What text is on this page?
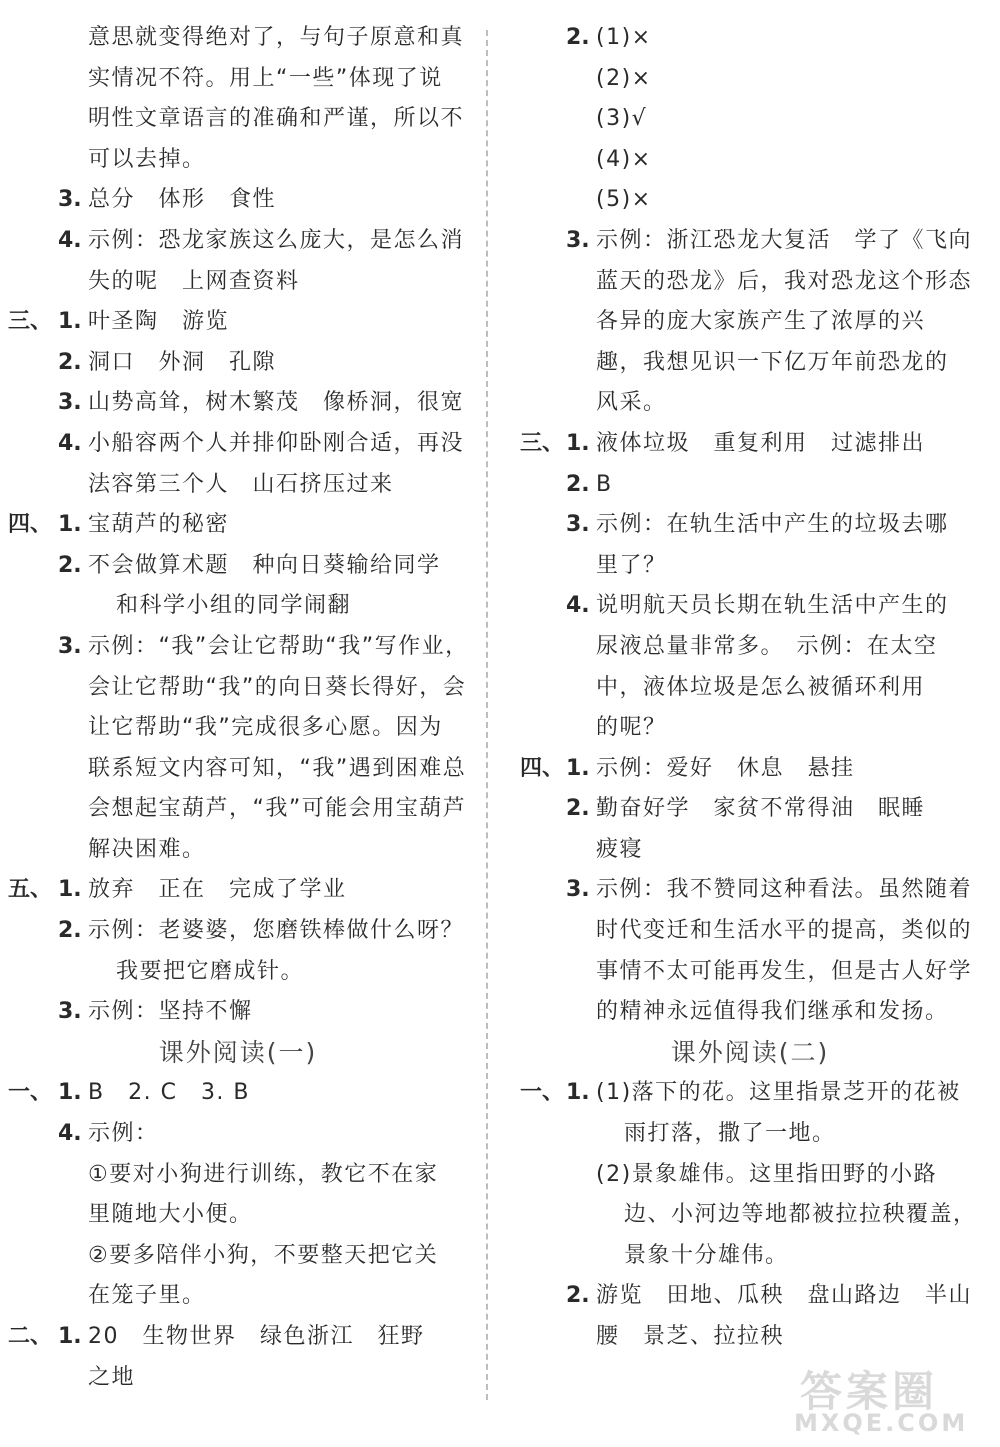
意思就变得绝对了，与句子原意和真
实情况不符。用上“一些”体现了说
明性文章语言的准确和严谨，所以不
可以去掉。
3. 总分　体形　食性
4. 示例：恐龙家族这么庞大，是怎么消
失的呢　上网查资料
三、 1. 叶圣陶　游览
2. 洞口　外洞　孔隙
3. 山势高耸，树木繁茂　像桥洞，很宽
4. 小船容两个人并排仰卧刚合适，再没
法容第三个人　山石挤压过来
四、 1. 宝葫芦的秘密
2. 不会做算术题　种向日葵输给同学
和科学小组的同学闹翻
3. 示例：“我”会让它帮助“我”写作业，
会让它帮助“我”的向日葵长得好，会
让它帮助“我”完成很多心愿。因为
联系短文内容可知，“我”遇到困难总
会想起宝葫芦，“我”可能会用宝葫芦
解决困难。
五、 1. 放弃　正在　完成了学业
2. 示例：老婆婆，您磨铁棒做什么呀？
我要把它磨成针。
3. 示例：坚持不懈
课外阅读(一)
一、 1. B　2. C　3. B
4. 示例：
①要对小狗进行训练，教它不在家
里随地大小便。
②要多陪伴小狗，不要整天把它关
在笼子里。
二、 1. 20　生物世界　绿色浙江　狂野
之地
2. (1)×
(2)×
(3)√
(4)×
(5)×
3. 示例：浙江恐龙大复活　学了《飞向
蓝天的恐龙》后，我对恐龙这个形态
各异的庞大家族产生了浓厚的兴
趣，我想见识一下亿万年前恐龙的
风采。
三、 1. 液体垃圾　重复利用　过滤排出
2. B
3. 示例：在轨生活中产生的垃圾去哪
里了？
4. 说明航天员长期在轨生活中产生的
尿液总量非常多。　示例：在太空
中，液体垃圾是怎么被循环利用
的呢？
四、 1. 示例：爱好　休息　悬挂
2. 勤奋好学　家贫不常得油　眠睡
疲寝
3. 示例：我不赞同这种看法。虽然随着
时代变迁和生活水平的提高，类似的
事情不太可能再发生，但是古人好学
的精神永远值得我们继承和发扬。
课外阅读(二)
一、 1. (1)落下的花。这里指景芝开的花被
雨打落，撒了一地。
(2)景象雄伟。这里指田野的小路
边、小河边等地都被拉拉秧覆盖，
景象十分雄伟。
2. 游览　田地、瓜秧　盘山路边　半山
腰　景芝、拉拉秧
答案圈
MXQE.COM
